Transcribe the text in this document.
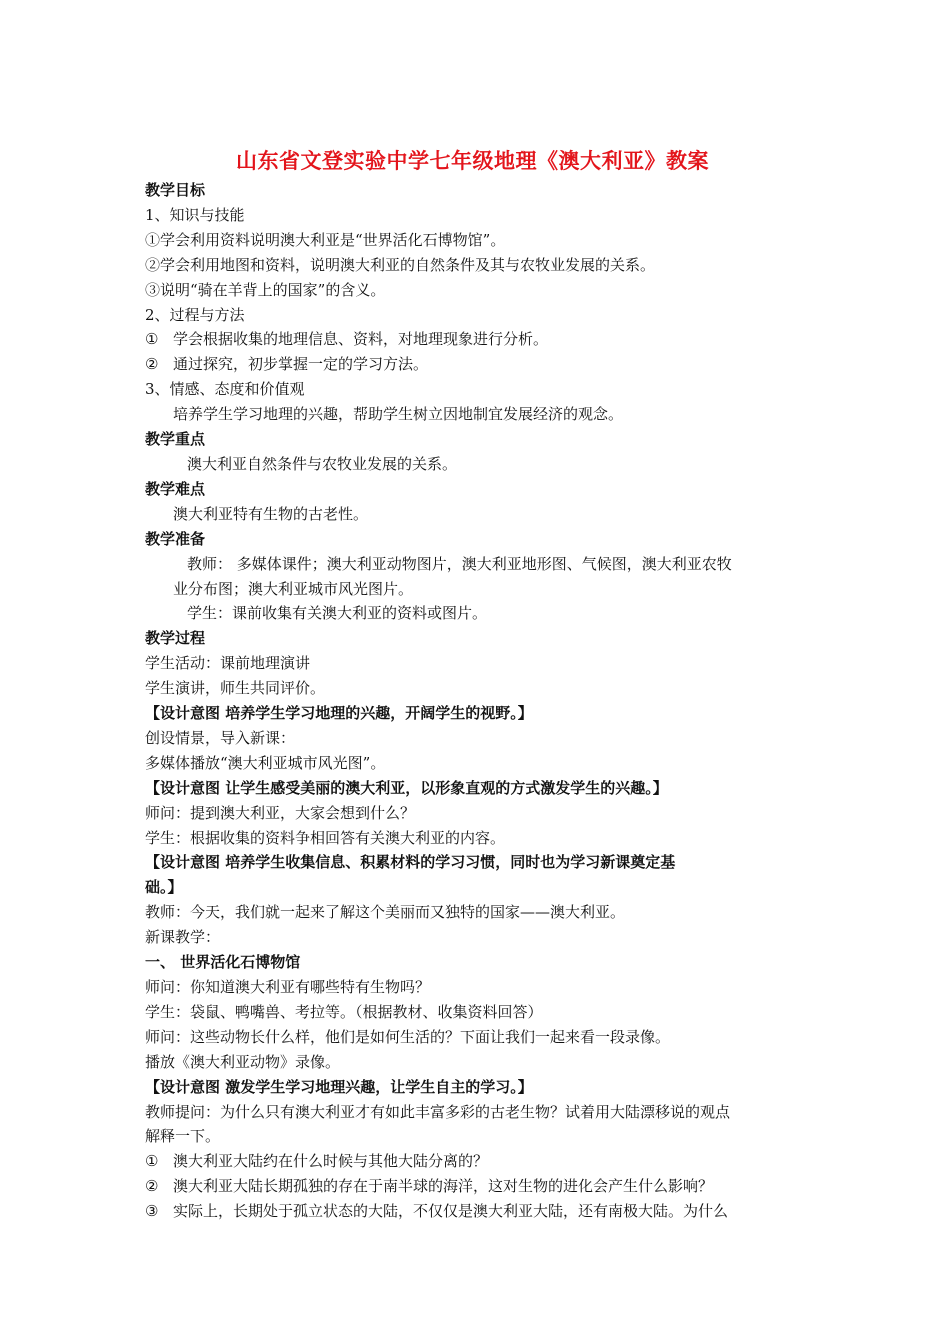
山东省文登实验中学七年级地理《澳大利亚》教案
教学目标
1、知识与技能
①学会利用资料说明澳大利亚是“世界活化石博物馆”。
②学会利用地图和资料，说明澳大利亚的自然条件及其与农牧业发展的关系。
③说明“骑在羊背上的国家”的含义。
2、过程与方法
① 学会根据收集的地理信息、资料，对地理现象进行分析。
② 通过探究，初步掌握一定的学习方法。
3、情感、态度和价值观
培养学生学习地理的兴趣，帮助学生树立因地制宜发展经济的观念。
教学重点
澳大利亚自然条件与农牧业发展的关系。
教学难点
澳大利亚特有生物的古老性。
教学准备
教师： 多媒体课件；澳大利亚动物图片，澳大利亚地形图、气候图，澳大利亚农牧
业分布图；澳大利亚城市风光图片。
学生：课前收集有关澳大利亚的资料或图片。
教学过程
学生活动：课前地理演讲
学生演讲，师生共同评价。
【设计意图 培养学生学习地理的兴趣，开阔学生的视野。】
创设情景，导入新课：
多媒体播放“澳大利亚城市风光图”。
【设计意图 让学生感受美丽的澳大利亚，以形象直观的方式激发学生的兴趣。】
师问：提到澳大利亚，大家会想到什么？
学生：根据收集的资料争相回答有关澳大利亚的内容。
【设计意图 培养学生收集信息、积累材料的学习习惯，同时也为学习新课奠定基
础。】
教师：今天，我们就一起来了解这个美丽而又独特的国家——澳大利亚。
新课教学：
一、 世界活化石博物馆
师问：你知道澳大利亚有哪些特有生物吗？
学生：袋鼠、鸭嘴兽、考拉等。（根据教材、收集资料回答）
师问：这些动物长什么样，他们是如何生活的？下面让我们一起来看一段录像。
播放《澳大利亚动物》录像。
【设计意图 激发学生学习地理兴趣，让学生自主的学习。】
教师提问：为什么只有澳大利亚才有如此丰富多彩的古老生物？试着用大陆漂移说的观点
解释一下。
① 澳大利亚大陆约在什么时候与其他大陆分离的？
② 澳大利亚大陆长期孤独的存在于南半球的海洋，这对生物的进化会产生什么影响？
③ 实际上，长期处于孤立状态的大陆，不仅仅是澳大利亚大陆，还有南极大陆。为什么
